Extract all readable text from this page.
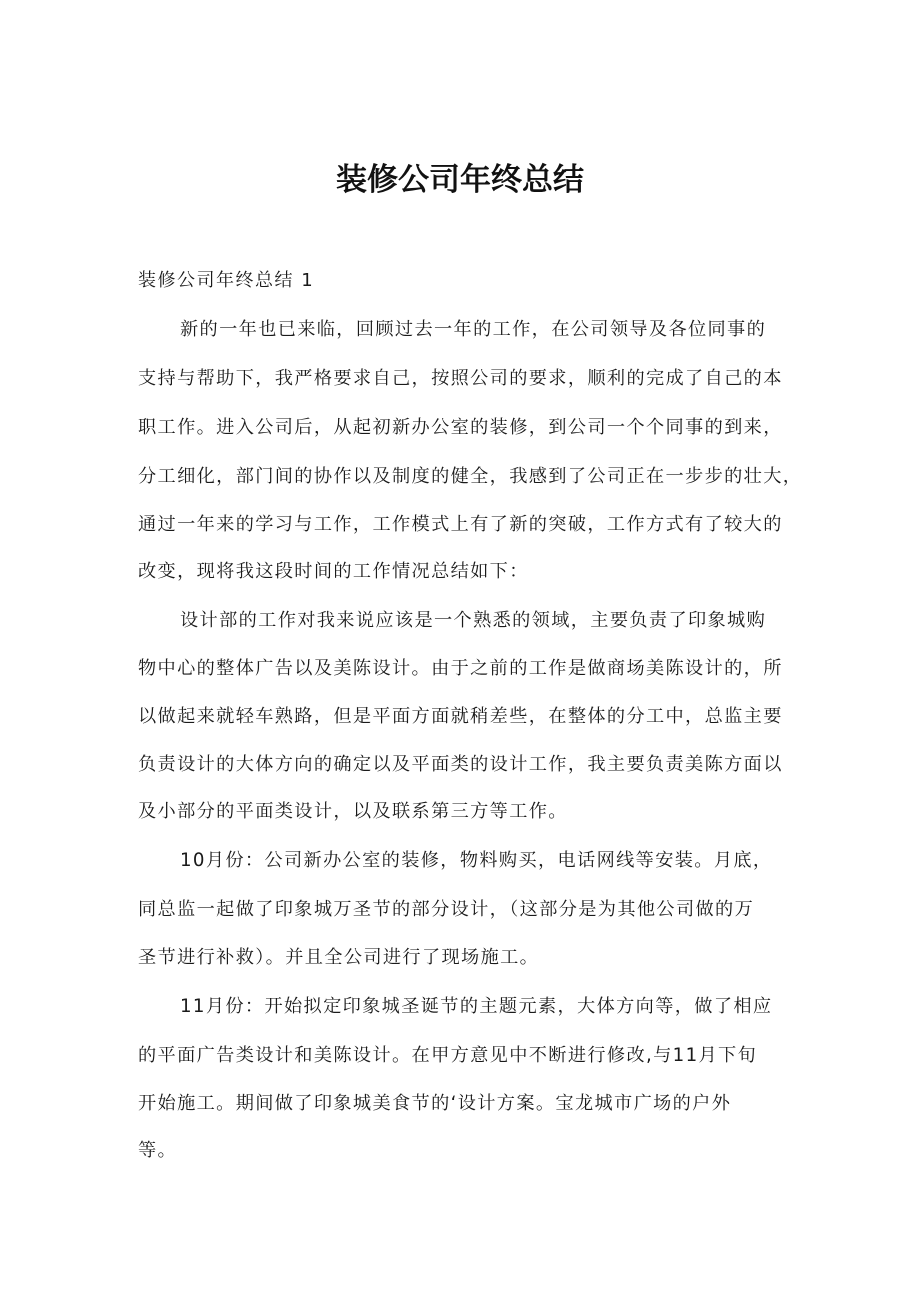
装修公司年终总结
装修公司年终总结 1
新的一年也已来临，回顾过去一年的工作，在公司领导及各位同事的
支持与帮助下，我严格要求自己，按照公司的要求，顺利的完成了自己的本
职工作。进入公司后，从起初新办公室的装修，到公司一个个同事的到来，
分工细化，部门间的协作以及制度的健全，我感到了公司正在一步步的壮大，
通过一年来的学习与工作，工作模式上有了新的突破，工作方式有了较大的
改变，现将我这段时间的工作情况总结如下：
设计部的工作对我来说应该是一个熟悉的领域，主要负责了印象城购
物中心的整体广告以及美陈设计。由于之前的工作是做商场美陈设计的，所
以做起来就轻车熟路，但是平面方面就稍差些，在整体的分工中，总监主要
负责设计的大体方向的确定以及平面类的设计工作，我主要负责美陈方面以
及小部分的平面类设计，以及联系第三方等工作。
10月份：公司新办公室的装修，物料购买，电话网线等安装。月底，
同总监一起做了印象城万圣节的部分设计，（这部分是为其他公司做的万
圣节进行补救）。并且全公司进行了现场施工。
11月份：开始拟定印象城圣诞节的主题元素，大体方向等，做了相应
的平面广告类设计和美陈设计。在甲方意见中不断进行修改,与11月下旬
开始施工。期间做了印象城美食节的‘设计方案。宝龙城市广场的户外
等。
